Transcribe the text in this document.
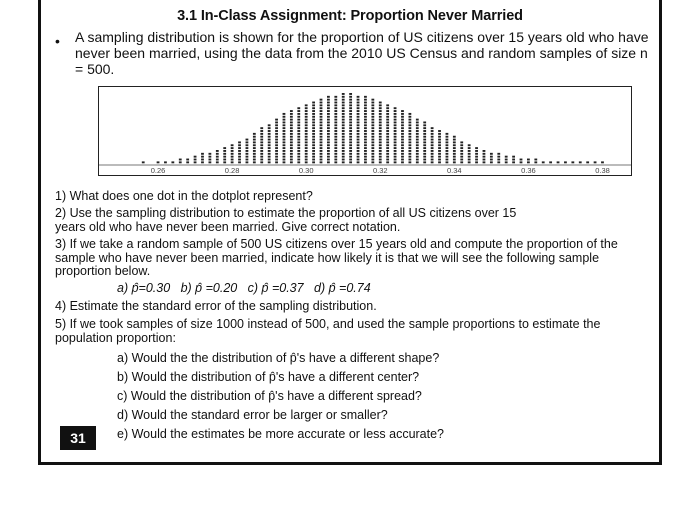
3.1 In-Class Assignment: Proportion Never Married
• A sampling distribution is shown for the proportion of US citizens over 15 years old who have never been married, using the data from the 2010 US Census and random samples of size n = 500.
0.26	0.28	0.30	0.32	0.34	0.36	0.38
1) What does one dot in the dotplot represent?
2) Use the sampling distribution to estimate the proportion of all US citizens over 15 years old who have never been married. Give correct notation.
3) If we take a random sample of 500 US citizens over 15 years old and compute the proportion of the sample who have never been married, indicate how likely it is that we will see the following sample proportion below.
a) p̂=0.30   b) p̂ =0.20   c) p̂ =0.37   d) p̂ =0.74
4) Estimate the standard error of the sampling distribution.
5) If we took samples of size 1000 instead of 500, and used the sample proportions to estimate the population proportion:
a) Would the the distribution of p̂'s have a different shape?
b) Would the distribution of p̂'s have a different center?
c) Would the distribution of p̂'s have a different spread?
d) Would the standard error be larger or smaller?
e) Would the estimates be more accurate or less accurate?
31
